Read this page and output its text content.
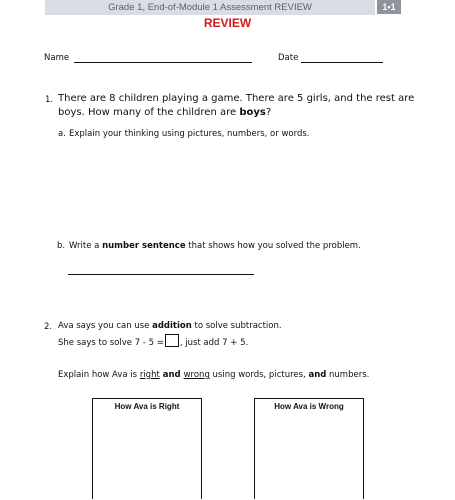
Grade 1, End-of-Module 1 Assessment REVIEW	1•1
REVIEW
Name	Date
1. There are 8 children playing a game. There are 5 girls, and the rest are
boys. How many of the children are boys?
a. Explain your thinking using pictures, numbers, or words.
b. Write a number sentence that shows how you solved the problem.
2. Ava says you can use addition to solve subtraction.
She says to solve 7 - 5 = , just add 7 + 5.
Explain how Ava is right and wrong using words, pictures, and numbers.
How Ava is Right	How Ava is Wrong
